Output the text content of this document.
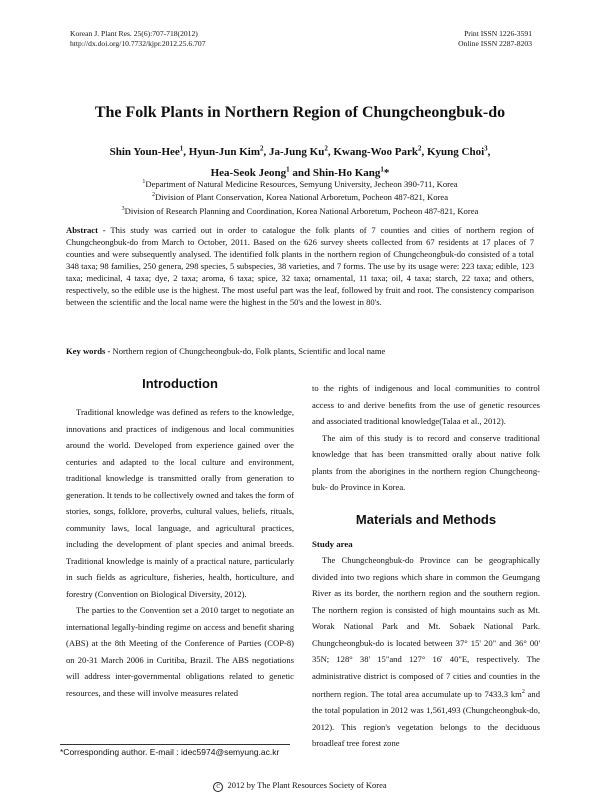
Korean J. Plant Res. 25(6):707-718(2012)
http://dx.doi.org/10.7732/kjpr.2012.25.6.707
Print ISSN 1226-3591
Online ISSN 2287-8203
The Folk Plants in Northern Region of Chungcheongbuk-do
Shin Youn-Hee$^1$, Hyun-Jun Kim$^2$, Ja-Jung Ku$^2$, Kwang-Woo Park$^2$, Kyung Choi$^3$,
Hea-Seok Jeong$^1$ and Shin-Ho Kang$^1$*
$^1$Department of Natural Medicine Resources, Semyung University, Jecheon 390-711, Korea
$^2$Division of Plant Conservation, Korea National Arboretum, Pocheon 487-821, Korea
$^3$Division of Research Planning and Coordination, Korea National Arboretum, Pocheon 487-821, Korea
Abstract - This study was carried out in order to catalogue the folk plants of 7 counties and cities of northern region of Chungcheongbuk-do from March to October, 2011. Based on the 626 survey sheets collected from 67 residents at 17 places of 7 counties and were subsequently analysed. The identified folk plants in the northern region of Chungcheongbuk-do consisted of a total 348 taxa; 98 families, 250 genera, 298 species, 5 subspecies, 38 varieties, and 7 forms. The use by its usage were: 223 taxa; edible, 123 taxa; medicinal, 4 taxa; dye, 2 taxa; aroma, 6 taxa; spice, 32 taxa; ornamental, 11 taxa; oil, 4 taxa; starch, 22 taxa; and others, respectively, so the edible use is the highest. The most useful part was the leaf, followed by fruit and root. The consistency comparison between the scientific and the local name were the highest in the 50's and the lowest in 80's.
Key words - Northern region of Chungcheongbuk-do, Folk plants, Scientific and local name
Introduction

Traditional knowledge was defined as refers to the knowledge, innovations and practices of indigenous and local communities around the world. Developed from experience gained over the centuries and adapted to the local culture and environment, traditional knowledge is transmitted orally from generation to generation. It tends to be collectively owned and takes the form of stories, songs, folklore, proverbs, cultural values, beliefs, rituals, community laws, local language, and agricultural practices, including the development of plant species and animal breeds. Traditional knowledge is mainly of a practical nature, particularly in such fields as agriculture, fisheries, health, horticulture, and forestry (Convention on Biological Diversity, 2012).

The parties to the Convention set a 2010 target to negotiate an international legally-binding regime on access and benefit sharing (ABS) at the 8th Meeting of the Conference of Parties (COP-8) on 20-31 March 2006 in Curitiba, Brazil. The ABS negotiations will address inter-governmental obligations related to genetic resources, and these will involve measures related

to the rights of indigenous and local communities to control access to and derive benefits from the use of genetic resources and associated traditional knowledge(Talaa et al., 2012).

The aim of this study is to record and conserve traditional knowledge that has been transmitted orally about native folk plants from the aborigines in the northern region Chungcheong-buk- do Province in Korea.

Materials and Methods
Study area

The Chungcheongbuk-do Province can be geographically divided into two regions which share in common the Geumgang River as its border, the northern region and the southern region. The northern region is consisted of high mountains such as Mt. Worak National Park and Mt. Sobaek National Park. Chungcheongbuk-do is located between 37° 15' 20" and 36° 00' 35N; 128° 38' 15"and 127° 16' 40"E, respectively. The administrative district is composed of 7 cities and counties in the northern region. The total area accumulate up to 7433.3 $km^2$ and the total population in 2012 was 1,561,493 (Chungcheongbuk-do, 2012). This region's vegetation belongs to the deciduous broadleaf tree forest zone

*Corresponding author. E-mail : idec5974@semyung.ac.kr
C 2012 by The Plant Resources Society of Korea
